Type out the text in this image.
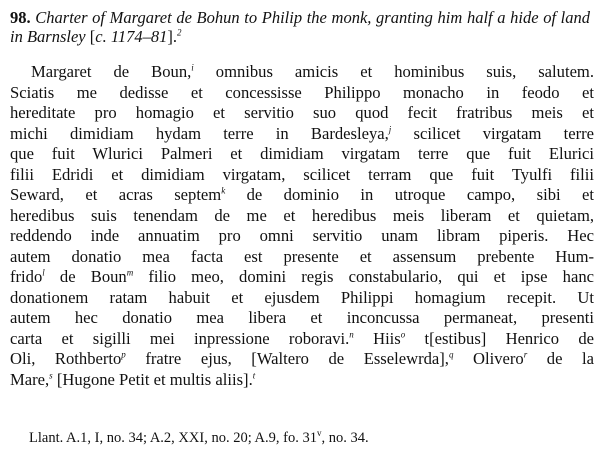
98. Charter of Margaret de Bohun to Philip the monk, granting him half a hide of land in Barnsley [c. 1174–81].$^2$
Margaret de Boun,$^i$ omnibus amicis et hominibus suis, salutem.
Sciatis me dedisse et concessisse Philippo monacho in feodo et
hereditate pro homagio et servitio suo quod fecit fratribus meis et
michi dimidiam hydam terre in Bardesleya,$^j$ scilicet virgatam terre
que fuit Wlurici Palmeri et dimidiam virgatam terre que fuit Elurici
filii Edridi et dimidiam virgatam, scilicet terram que fuit Tyulfi filii
Seward, et acras septem$^k$ de dominio in utroque campo, sibi et
heredibus suis tenendam de me et heredibus meis liberam et quietam,
reddendo inde annuatim pro omni servitio unam libram piperis. Hec
autem donatio mea facta est presente et assensum prebente Hum-
frido$^l$ de Boun$^m$ filio meo, domini regis constabulario, qui et ipse hanc
donationem ratam habuit et ejusdem Philippi homagium recepit. Ut
autem hec donatio mea libera et inconcussa permaneat, presenti
carta et sigilli mei inpressione roboravi.$^n$ Hiis$^o$ t[estibus] Henrico de
Oli, Rothberto$^p$ fratre ejus, [Waltero de Esselewrda],$^q$ Olivero$^r$ de la
Mare,$^s$ [Hugone Petit et multis aliis].$^t$
Llant. A.1, I, no. 34; A.2, XXI, no. 20; A.9, fo. 31$^v$, no. 34.
